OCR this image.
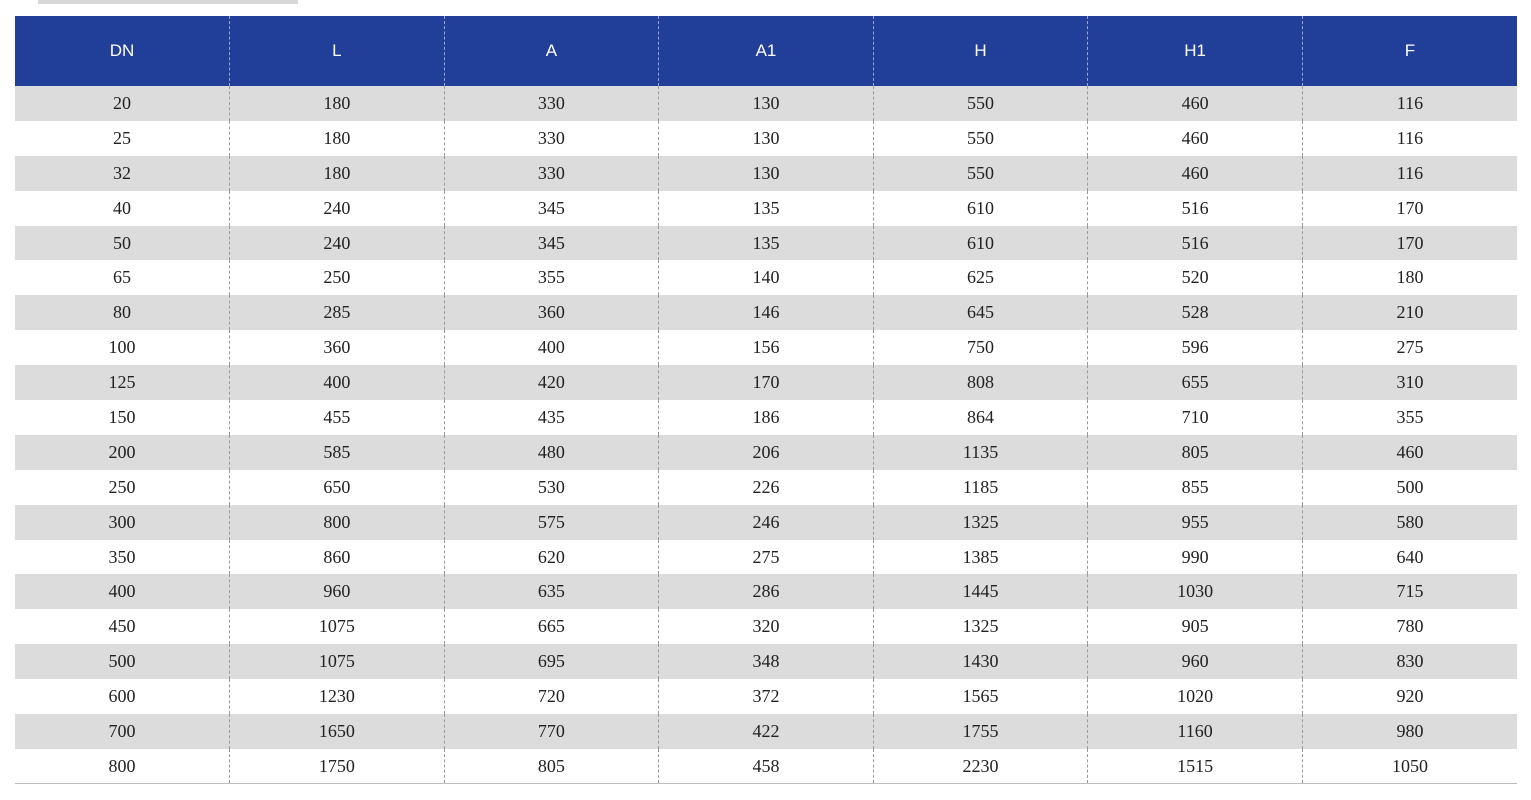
DN	L	A	A1	H	H1	F
20	180	330	130	550	460	116
25	180	330	130	550	460	116
32	180	330	130	550	460	116
40	240	345	135	610	516	170
50	240	345	135	610	516	170
65	250	355	140	625	520	180
80	285	360	146	645	528	210
100	360	400	156	750	596	275
125	400	420	170	808	655	310
150	455	435	186	864	710	355
200	585	480	206	1135	805	460
250	650	530	226	1185	855	500
300	800	575	246	1325	955	580
350	860	620	275	1385	990	640
400	960	635	286	1445	1030	715
450	1075	665	320	1325	905	780
500	1075	695	348	1430	960	830
600	1230	720	372	1565	1020	920
700	1650	770	422	1755	1160	980
800	1750	805	458	2230	1515	1050
